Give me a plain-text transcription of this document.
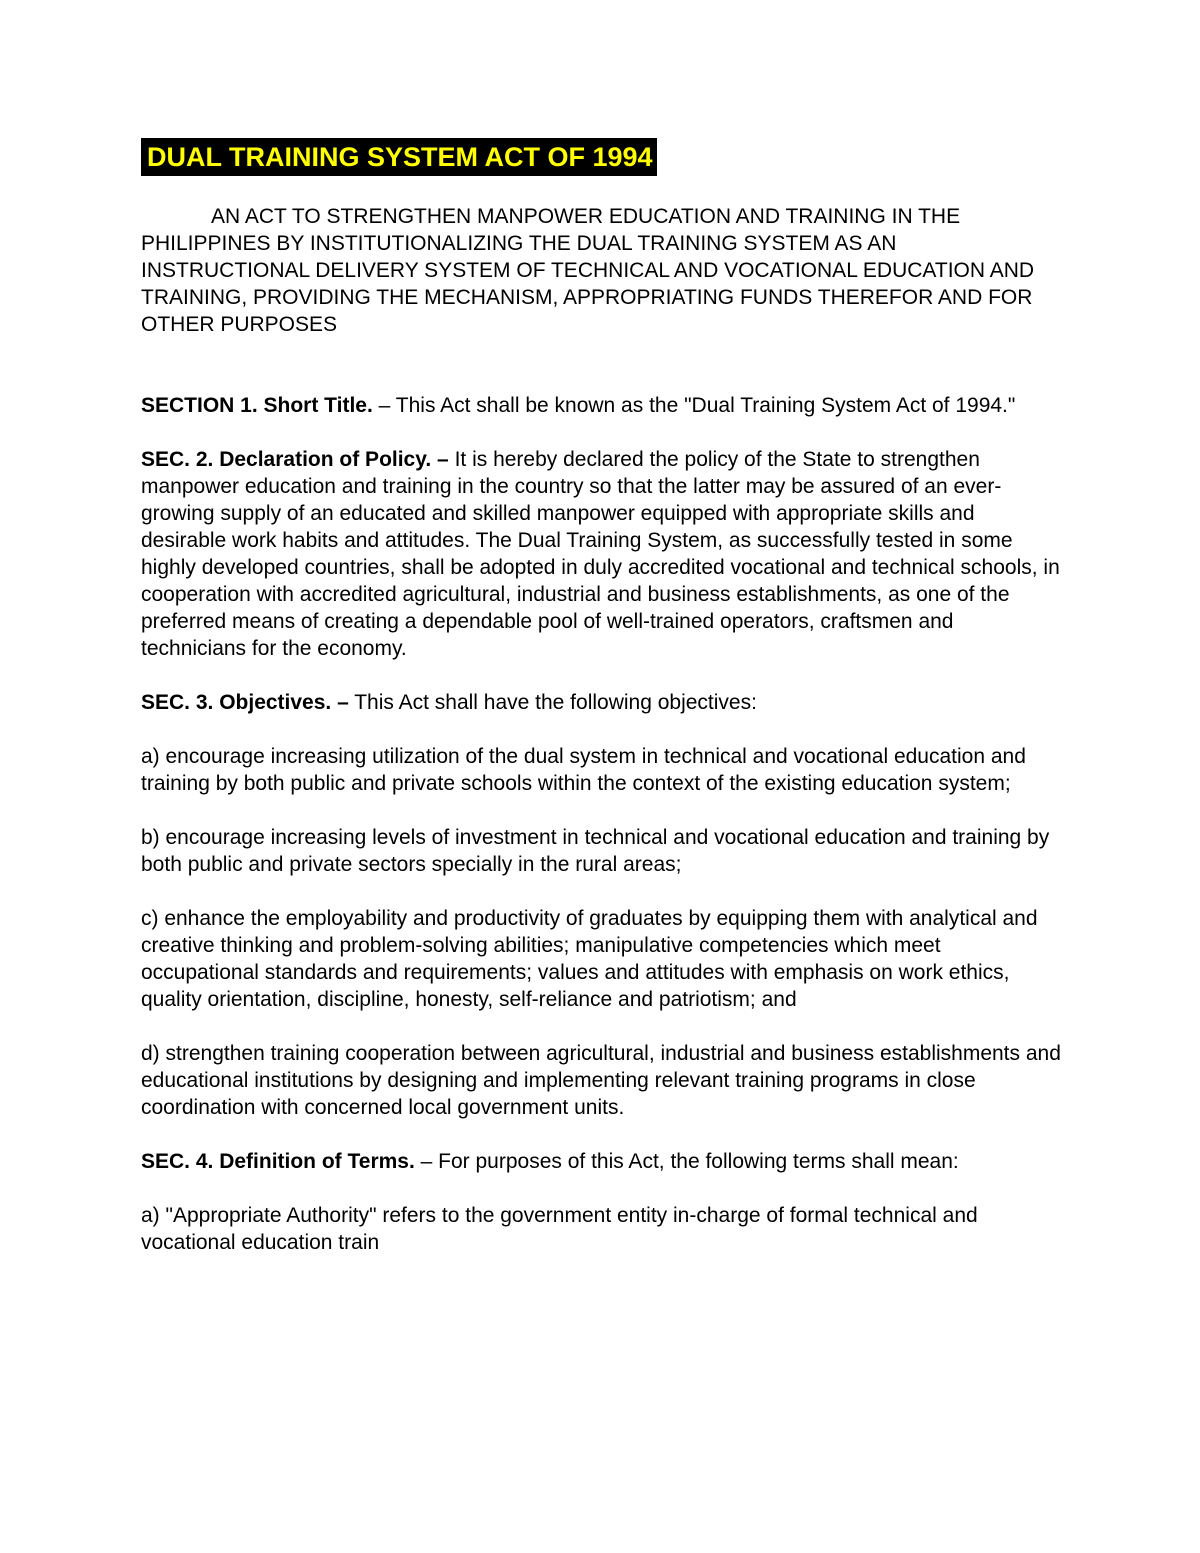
DUAL TRAINING SYSTEM ACT OF 1994

AN ACT TO STRENGTHEN MANPOWER EDUCATION AND TRAINING IN THE PHILIPPINES BY INSTITUTIONALIZING THE DUAL TRAINING SYSTEM AS AN INSTRUCTIONAL DELIVERY SYSTEM OF TECHNICAL AND VOCATIONAL EDUCATION AND TRAINING, PROVIDING THE MECHANISM, APPROPRIATING FUNDS THEREFOR AND FOR OTHER PURPOSES

SECTION 1. Short Title. – This Act shall be known as the "Dual Training System Act of 1994."

SEC. 2. Declaration of Policy. – It is hereby declared the policy of the State to strengthen manpower education and training in the country so that the latter may be assured of an ever-growing supply of an educated and skilled manpower equipped with appropriate skills and desirable work habits and attitudes. The Dual Training System, as successfully tested in some highly developed countries, shall be adopted in duly accredited vocational and technical schools, in cooperation with accredited agricultural, industrial and business establishments, as one of the preferred means of creating a dependable pool of well-trained operators, craftsmen and technicians for the economy.

SEC. 3. Objectives. – This Act shall have the following objectives:

a) encourage increasing utilization of the dual system in technical and vocational education and training by both public and private schools within the context of the existing education system;

b) encourage increasing levels of investment in technical and vocational education and training by both public and private sectors specially in the rural areas;

c) enhance the employability and productivity of graduates by equipping them with analytical and creative thinking and problem-solving abilities; manipulative competencies which meet occupational standards and requirements; values and attitudes with emphasis on work ethics, quality orientation, discipline, honesty, self-reliance and patriotism; and

d) strengthen training cooperation between agricultural, industrial and business establishments and educational institutions by designing and implementing relevant training programs in close coordination with concerned local government units.

SEC. 4. Definition of Terms. – For purposes of this Act, the following terms shall mean:

a) "Appropriate Authority" refers to the government entity in-charge of formal technical and vocational education train
